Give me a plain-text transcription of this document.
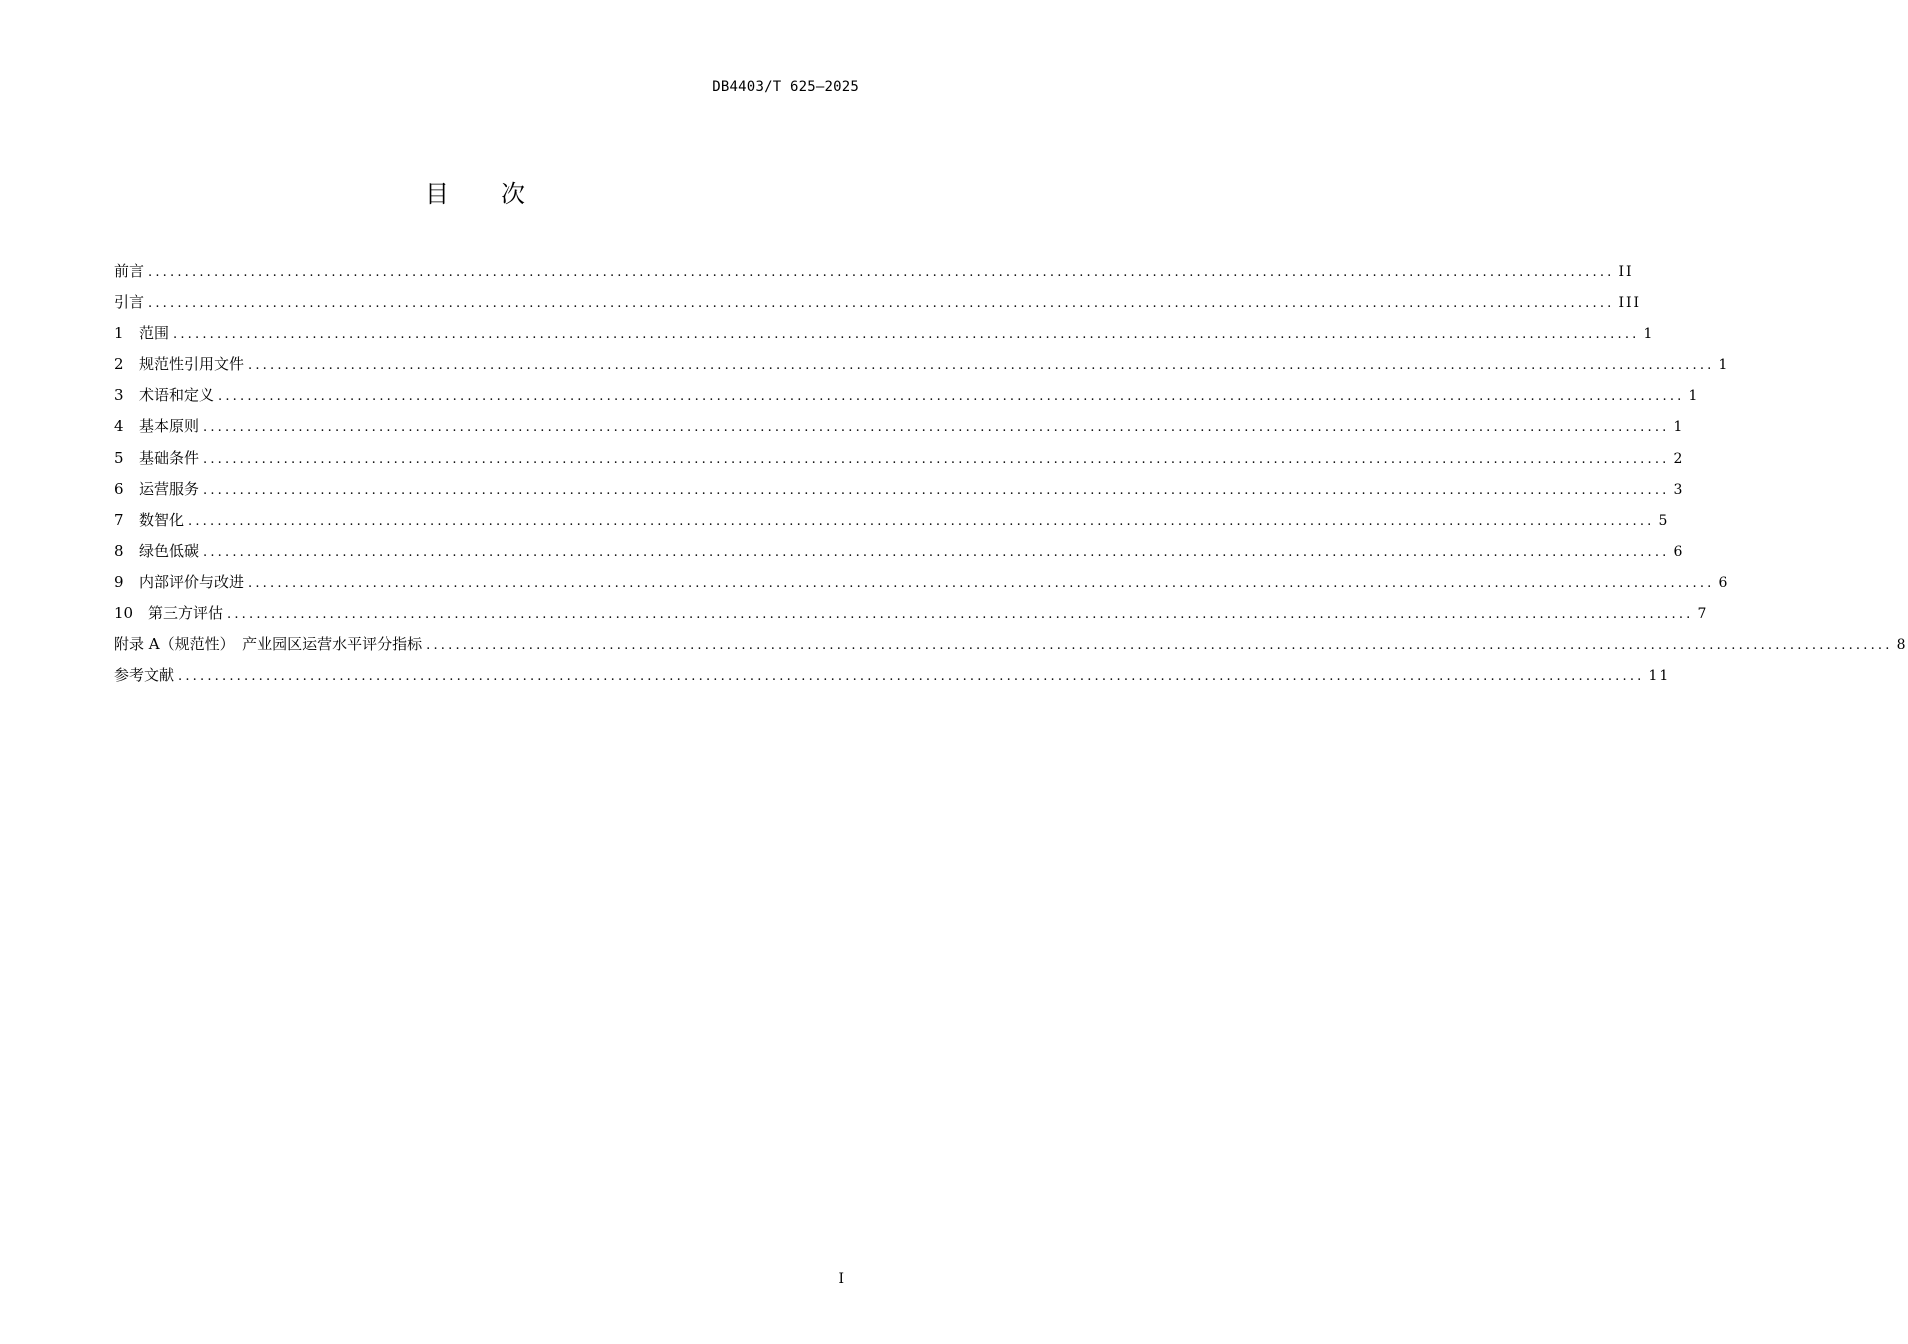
DB4403/T 625—2025
目 次
前言 ........................................................................................................................................................................................................ II
引言 ........................................................................................................................................................................................................ III
1	范围 ........................................................................................................................................................................................................ 1
2	规范性引用文件 ........................................................................................................................................................................................................ 1
3	术语和定义 ........................................................................................................................................................................................................ 1
4	基本原则 ........................................................................................................................................................................................................ 1
5	基础条件 ........................................................................................................................................................................................................ 2
6	运营服务 ........................................................................................................................................................................................................ 3
7	数智化 ........................................................................................................................................................................................................ 5
8	绿色低碳 ........................................................................................................................................................................................................ 6
9	内部评价与改进 ........................................................................................................................................................................................................ 6
10 第三方评估 ........................................................................................................................................................................................................ 7
附录 A（规范性）　产业园区运营水平评分指标 ........................................................................................................................................................................................................ 8
参考文献 ........................................................................................................................................................................................................ 11
I
